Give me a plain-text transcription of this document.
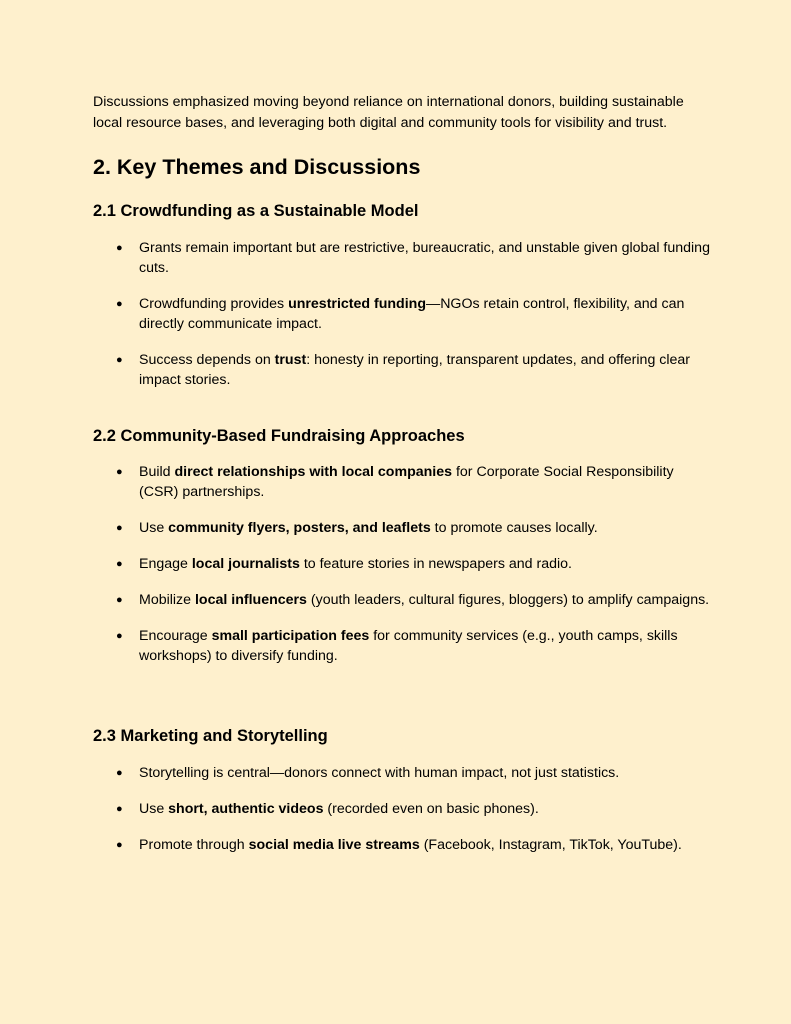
Discussions emphasized moving beyond reliance on international donors, building sustainable local resource bases, and leveraging both digital and community tools for visibility and trust.

2. Key Themes and Discussions
2.1 Crowdfunding as a Sustainable Model
● Grants remain important but are restrictive, bureaucratic, and unstable given global funding cuts.
● Crowdfunding provides unrestricted funding—NGOs retain control, flexibility, and can directly communicate impact.
● Success depends on trust: honesty in reporting, transparent updates, and offering clear impact stories.
2.2 Community-Based Fundraising Approaches
● Build direct relationships with local companies for Corporate Social Responsibility (CSR) partnerships.
● Use community flyers, posters, and leaflets to promote causes locally.
● Engage local journalists to feature stories in newspapers and radio.
● Mobilize local influencers (youth leaders, cultural figures, bloggers) to amplify campaigns.
● Encourage small participation fees for community services (e.g., youth camps, skills workshops) to diversify funding.
2.3 Marketing and Storytelling
● Storytelling is central—donors connect with human impact, not just statistics.
● Use short, authentic videos (recorded even on basic phones).
● Promote through social media live streams (Facebook, Instagram, TikTok, YouTube).
